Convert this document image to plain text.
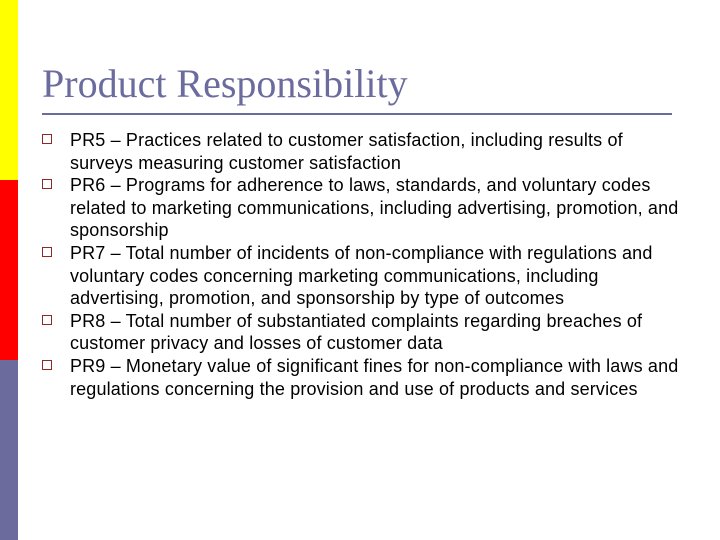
Product Responsibility
PR5 – Practices related to customer satisfaction, including results of surveys measuring customer satisfaction
PR6 – Programs for adherence to laws, standards, and voluntary codes related to marketing communications, including advertising, promotion, and sponsorship
PR7 – Total number of incidents of non-compliance with regulations and voluntary codes concerning marketing communications, including advertising, promotion, and sponsorship by type of outcomes
PR8 – Total number of substantiated complaints regarding breaches of customer privacy and losses of customer data
PR9 – Monetary value of significant fines for non-compliance with laws and regulations concerning the provision and use of products and services
